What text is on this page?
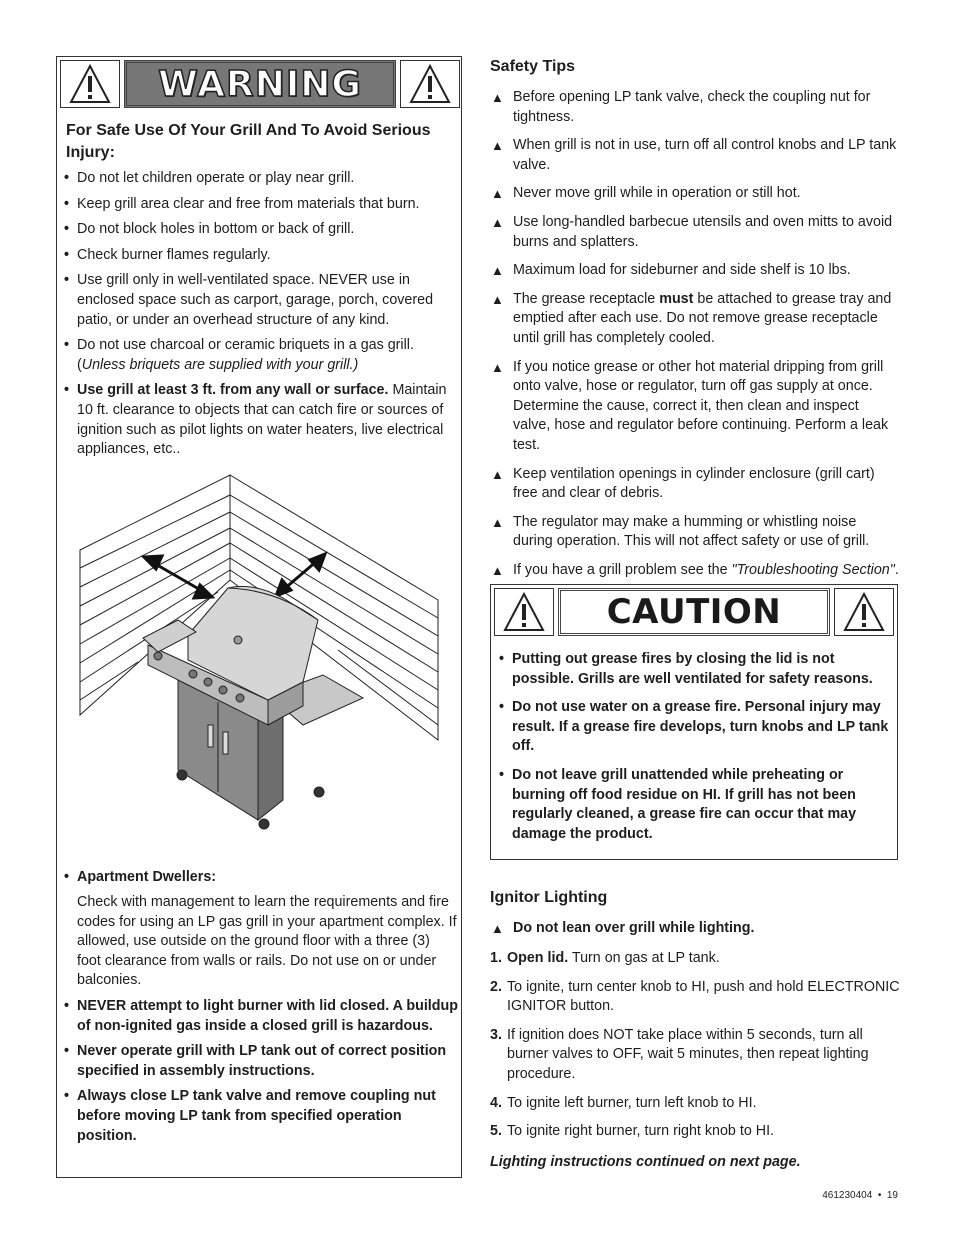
WARNING
For Safe Use Of Your Grill And To Avoid Serious Injury:
• Do not let children operate or play near grill.
• Keep grill area clear and free from materials that burn.
• Do not block holes in bottom or back of grill.
• Check burner flames regularly.
• Use grill only in well-ventilated space. NEVER use in enclosed space such as carport, garage, porch, covered patio, or under an overhead structure of any kind.
• Do not use charcoal or ceramic briquets in a gas grill. (Unless briquets are supplied with your grill.)
• Use grill at least 3 ft. from any wall or surface. Maintain 10 ft. clearance to objects that can catch fire or sources of ignition such as pilot lights on water heaters, live electrical appliances, etc..
• Apartment Dwellers:
Check with management to learn the requirements and fire codes for using an LP gas grill in your apartment complex. If allowed, use outside on the ground floor with a three (3) foot clearance from walls or rails. Do not use on or under balconies.
• NEVER attempt to light burner with lid closed. A buildup of non-ignited gas inside a closed grill is hazardous.
• Never operate grill with LP tank out of correct position specified in assembly instructions.
• Always close LP tank valve and remove coupling nut before moving LP tank from specified operation position.
Safety Tips
▲ Before opening LP tank valve, check the coupling nut for tightness.
▲ When grill is not in use, turn off all control knobs and LP tank valve.
▲ Never move grill while in operation or still hot.
▲ Use long-handled barbecue utensils and oven mitts to avoid burns and splatters.
▲ Maximum load for sideburner and side shelf is 10 lbs.
▲ The grease receptacle must be attached to grease tray and emptied after each use. Do not remove grease receptacle until grill has completely cooled.
▲ If you notice grease or other hot material dripping from grill onto valve, hose or regulator, turn off gas supply at once. Determine the cause, correct it, then clean and inspect valve, hose and regulator before continuing. Perform a leak test.
▲ Keep ventilation openings in cylinder enclosure (grill cart) free and clear of debris.
▲ The regulator may make a humming or whistling noise during operation. This will not affect safety or use of grill.
▲ If you have a grill problem see the "Troubleshooting Section".
CAUTION
• Putting out grease fires by closing the lid is not possible. Grills are well ventilated for safety reasons.
• Do not use water on a grease fire. Personal injury may result. If a grease fire develops, turn knobs and LP tank off.
• Do not leave grill unattended while preheating or burning off food residue on HI. If grill has not been regularly cleaned, a grease fire can occur that may damage the product.
Ignitor Lighting
▲ Do not lean over grill while lighting.
1. Open lid. Turn on gas at LP tank.
2. To ignite, turn center knob to HI, push and hold ELECTRONIC IGNITOR button.
3. If ignition does NOT take place within 5 seconds, turn all burner valves to OFF, wait 5 minutes, then repeat lighting procedure.
4. To ignite left burner, turn left knob to HI.
5. To ignite right burner, turn right knob to HI.
Lighting instructions continued on next page.
461230404  •  19
